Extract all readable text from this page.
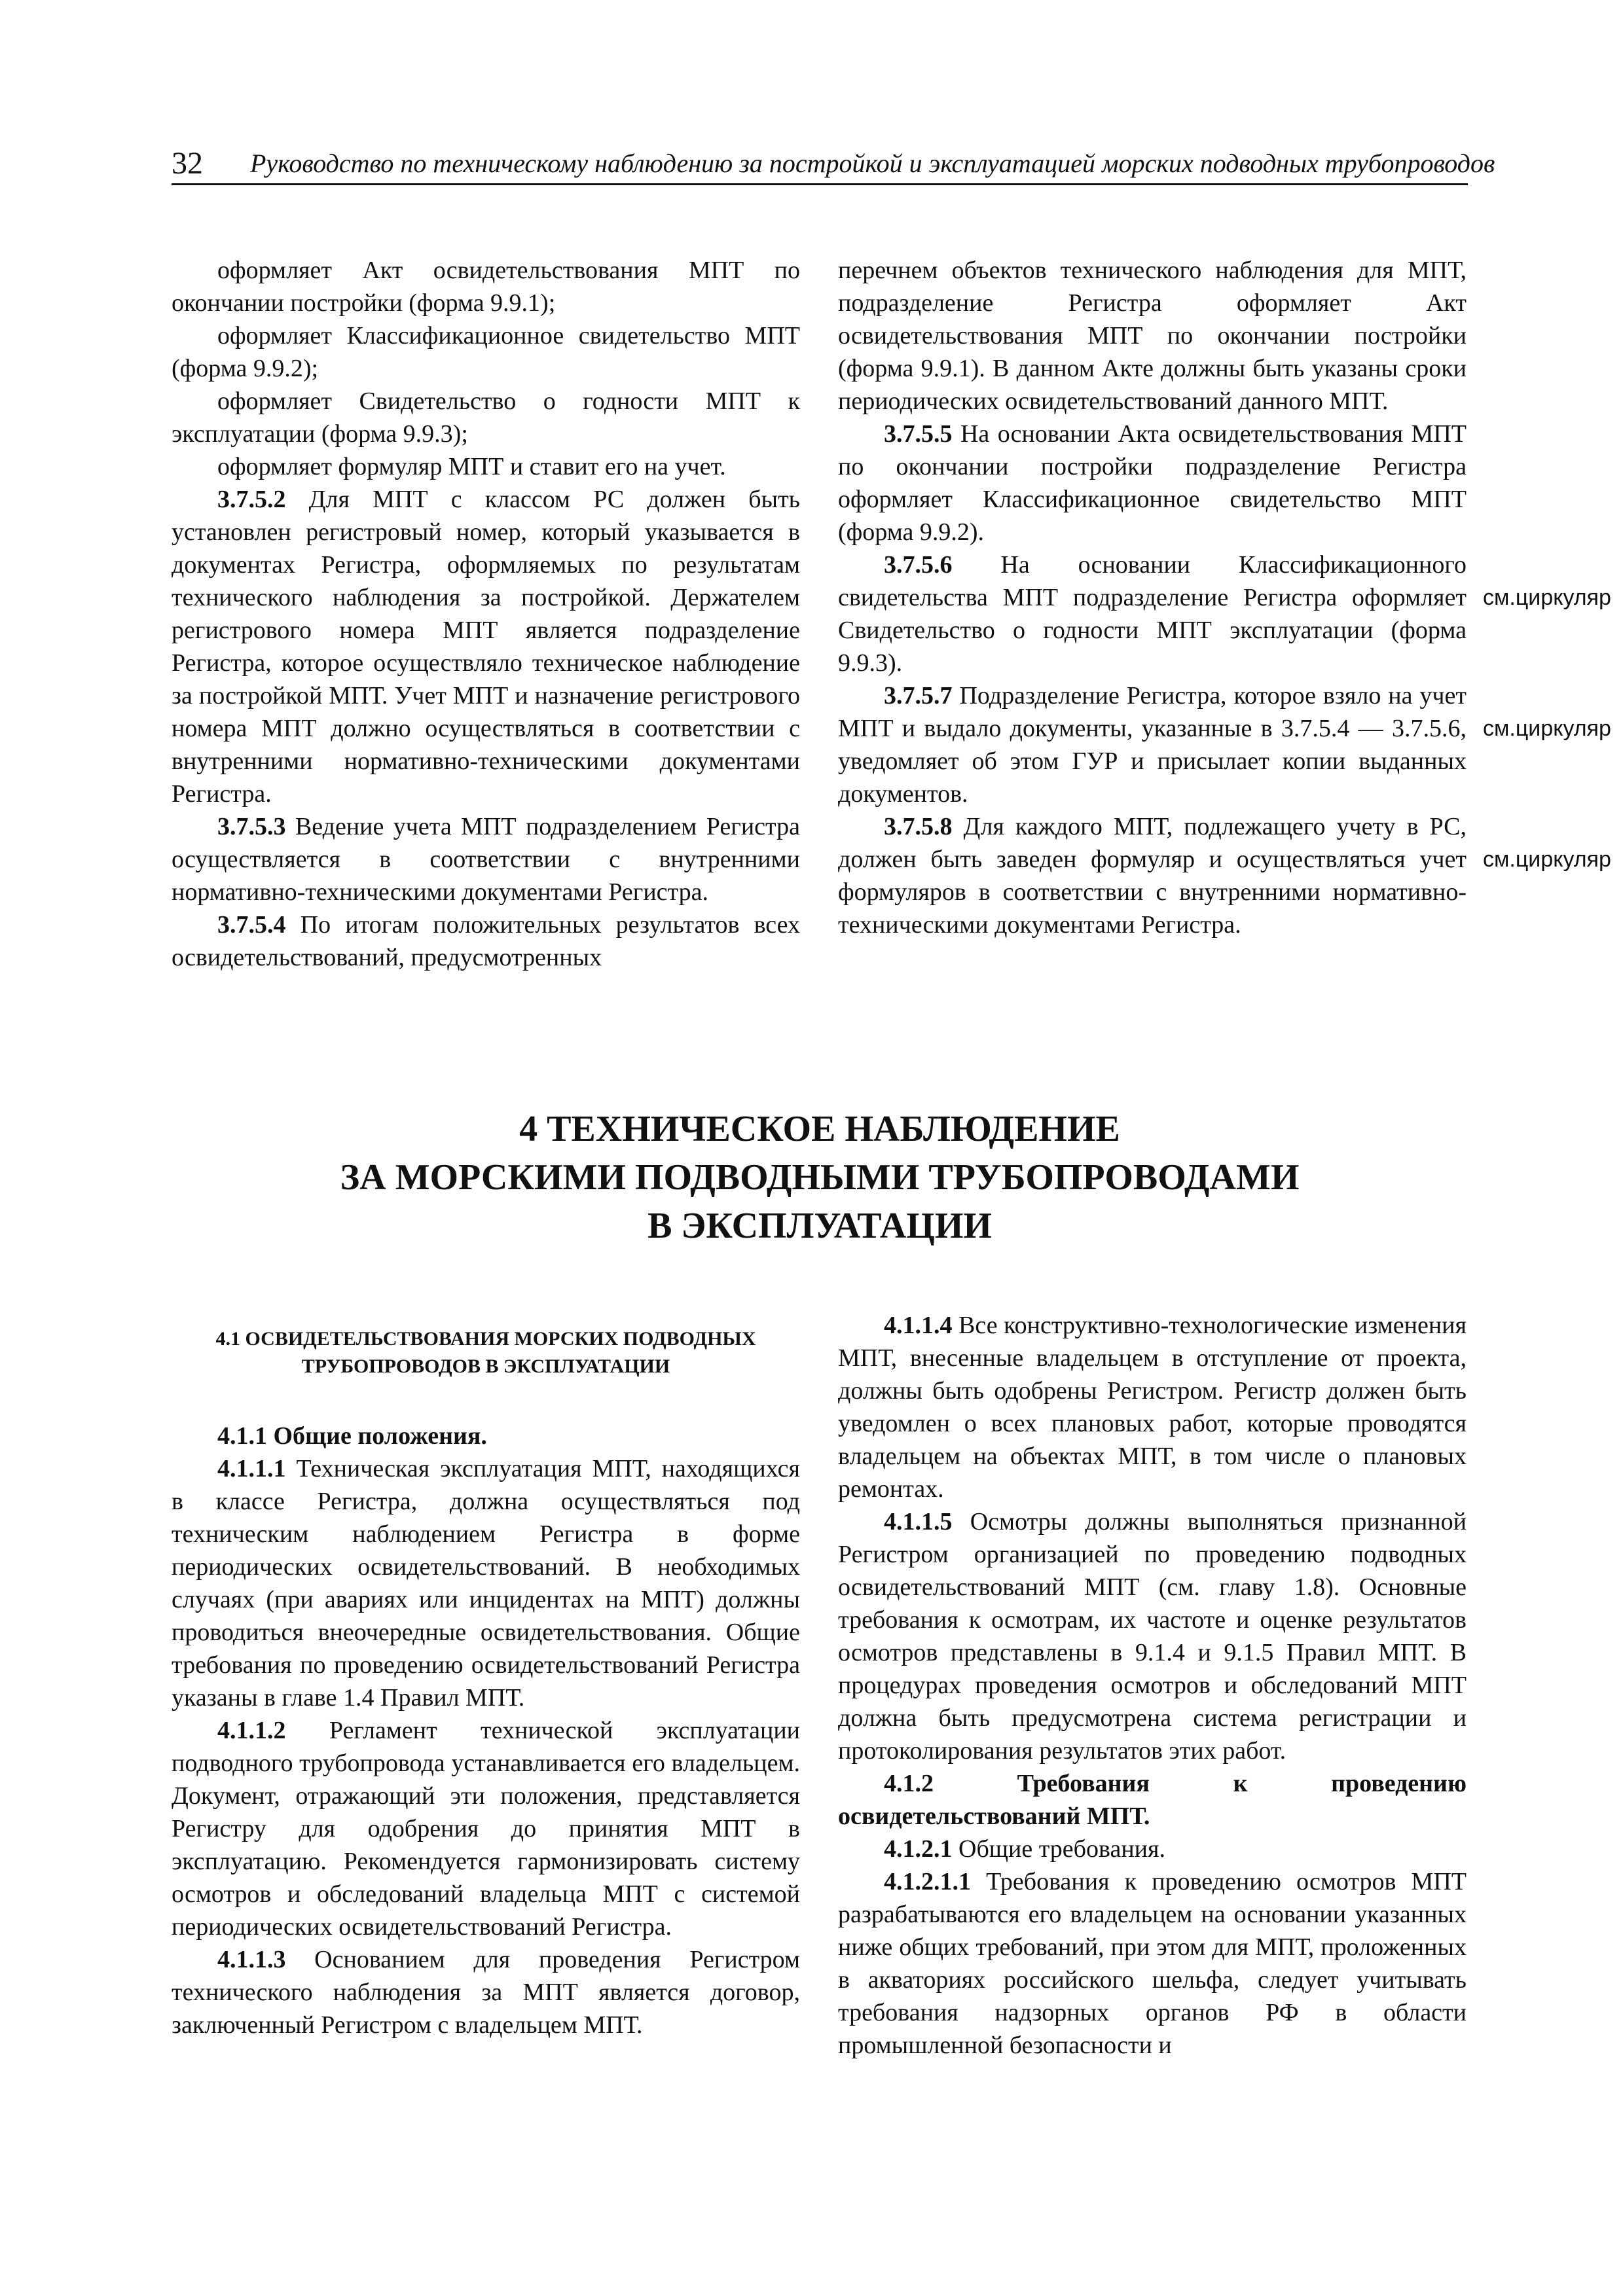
32 Руководство по техническому наблюдению за постройкой и эксплуатацией морских подводных трубопроводов

оформляет Акт освидетельствования МПТ по окончании постройки (форма 9.9.1);

оформляет Классификационное свидетельство МПТ (форма 9.9.2);

оформляет Свидетельство о годности МПТ к эксплуатации (форма 9.9.3);

оформляет формуляр МПТ и ставит его на учет.

3.7.5.2 Для МПТ с классом РС должен быть установлен регистровый номер, который указывается в документах Регистра, оформляемых по результатам технического наблюдения за постройкой. Держателем регистрового номера МПТ является подразделение Регистра, которое осуществляло техническое наблюдение за постройкой МПТ. Учет МПТ и назначение регистрового номера МПТ должно осуществляться в соответствии с внутренними нормативно-техническими документами Регистра.

3.7.5.3 Ведение учета МПТ подразделением Регистра осуществляется в соответствии с внутренними нормативно-техническими документами Регистра.

3.7.5.4 По итогам положительных результатов всех освидетельствований, предусмотренных

перечнем объектов технического наблюдения для МПТ, подразделение Регистра оформляет Акт освидетельствования МПТ по окончании постройки (форма 9.9.1). В данном Акте должны быть указаны сроки периодических освидетельствований данного МПТ.

3.7.5.5 На основании Акта освидетельствования МПТ по окончании постройки подразделение Регистра оформляет Классификационное свидетельство МПТ (форма 9.9.2).

3.7.5.6 На основании Классификационного свидетельства МПТ подразделение Регистра оформляет Свидетельство о годности МПТ эксплуатации (форма 9.9.3).

3.7.5.7 Подразделение Регистра, которое взяло на учет МПТ и выдало документы, указанные в 3.7.5.4 — 3.7.5.6, уведомляет об этом ГУР и присылает копии выданных документов.

3.7.5.8 Для каждого МПТ, подлежащего учету в РС, должен быть заведен формуляр и осуществляться учет формуляров в соответствии с внутренними нормативно-техническими документами Регистра.

см.циркуляр
см.циркуляр
см.циркуляр
4 ТЕХНИЧЕСКОЕ НАБЛЮДЕНИЕ
ЗА МОРСКИМИ ПОДВОДНЫМИ ТРУБОПРОВОДАМИ
В ЭКСПЛУАТАЦИИ

4.1 ОСВИДЕТЕЛЬСТВОВАНИЯ МОРСКИХ ПОДВОДНЫХ

ТРУБОПРОВОДОВ В ЭКСПЛУАТАЦИИ

4.1.1 Общие положения.

4.1.1.1 Техническая эксплуатация МПТ, находящихся в классе Регистра, должна осуществляться под техническим наблюдением Регистра в форме периодических освидетельствований. В необходимых случаях (при авариях или инцидентах на МПТ) должны проводиться внеочередные освидетельствования. Общие требования по проведению освидетельствований Регистра указаны в главе 1.4 Правил МПТ.

4.1.1.2 Регламент технической эксплуатации подводного трубопровода устанавливается его владельцем. Документ, отражающий эти положения, представляется Регистру для одобрения до принятия МПТ в эксплуатацию. Рекомендуется гармонизировать систему осмотров и обследований владельца МПТ с системой периодических освидетельствований Регистра.

4.1.1.3 Основанием для проведения Регистром технического наблюдения за МПТ является договор, заключенный Регистром с владельцем МПТ.

4.1.1.4 Все конструктивно-технологические изменения МПТ, внесенные владельцем в отступление от проекта, должны быть одобрены Регистром. Регистр должен быть уведомлен о всех плановых работ, которые проводятся владельцем на объектах МПТ, в том числе о плановых ремонтах.

4.1.1.5 Осмотры должны выполняться признанной Регистром организацией по проведению подводных освидетельствований МПТ (см. главу 1.8). Основные требования к осмотрам, их частоте и оценке результатов осмотров представлены в 9.1.4 и 9.1.5 Правил МПТ. В процедурах проведения осмотров и обследований МПТ должна быть предусмотрена система регистрации и протоколирования результатов этих работ.

4.1.2 Требования к проведению освидетельствований МПТ.

4.1.2.1 Общие требования.

4.1.2.1.1 Требования к проведению осмотров МПТ разрабатываются его владельцем на основании указанных ниже общих требований, при этом для МПТ, проложенных в акваториях российского шельфа, следует учитывать требования надзорных органов РФ в области промышленной безопасности и
